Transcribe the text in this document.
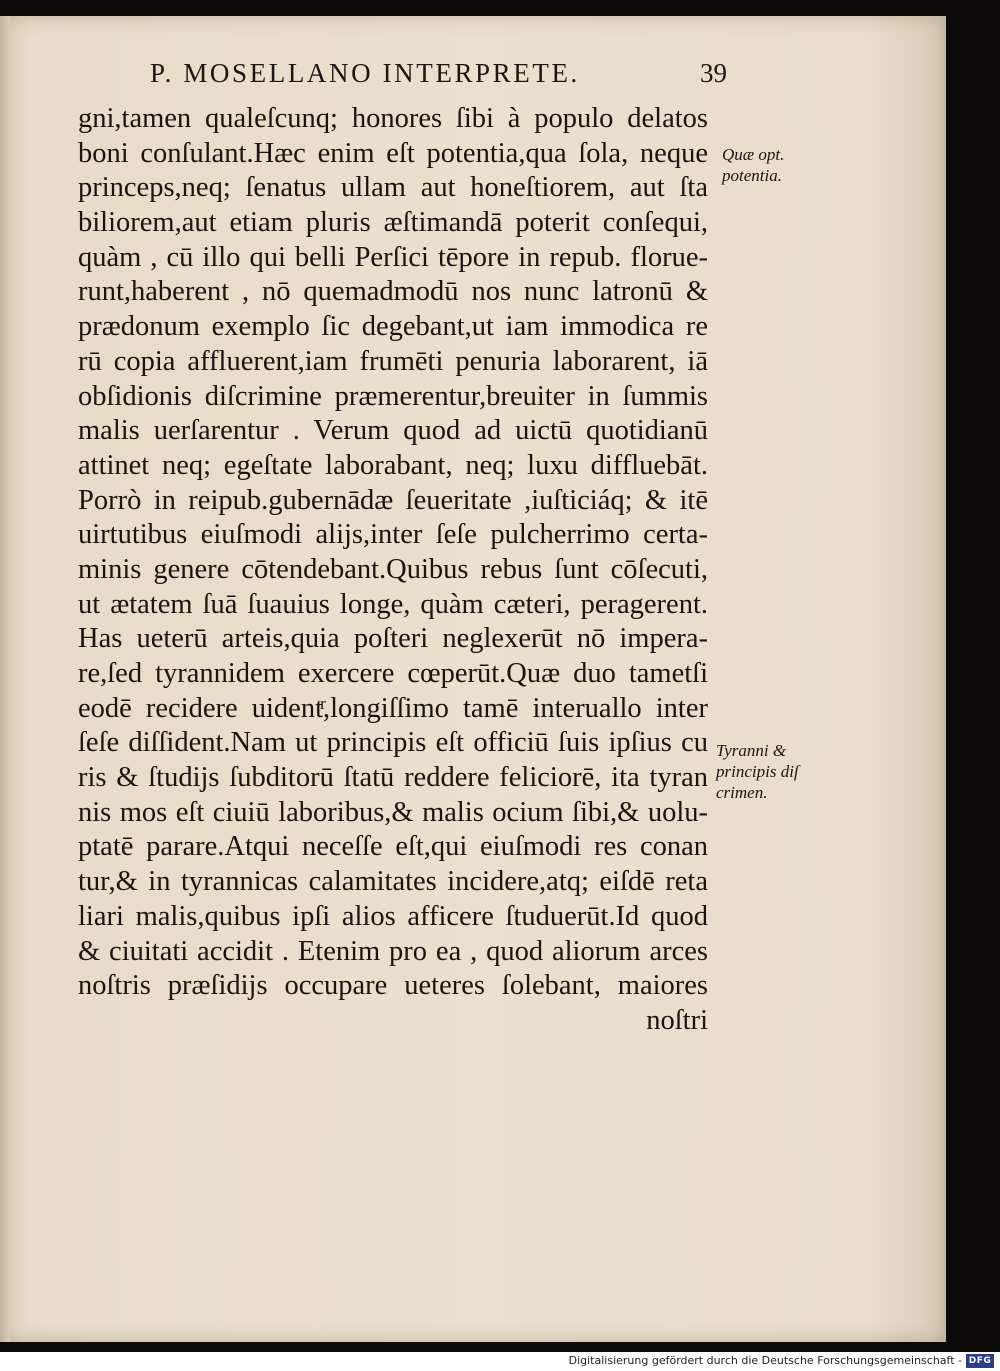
P. MOSELLANO INTERPRETE.	39
gni,tamen qualeſcunq; honores ſibi à populo delatos
boni conſulant.Hæc enim eſt potentia,qua ſola, neque
princeps,neq; ſenatus ullam aut honeſtiorem, aut ſta
biliorem,aut etiam pluris æſtimandā poterit conſequi,
quàm , cū illo qui belli Perſici tēpore in repub. florue-
runt,haberent , nō quemadmodū nos nunc latronū &
prædonum exemplo ſic degebant,ut iam immodica re
rū copia affluerent,iam frumēti penuria laborarent, iā
obſidionis diſcrimine præmerentur,breuiter in ſummis
malis uerſarentur . Verum quod ad uictū quotidianū
attinet neq; egeſtate laborabant, neq; luxu diffluebāt.
Porrò in reipub.gubernādæ ſeueritate ,iuſticiáq; & itē
uirtutibus eiuſmodi alijs,inter ſeſe pulcherrimo certa-
minis genere cōtendebant.Quibus rebus ſunt cōſecuti,
ut ætatem ſuā ſuauius longe, quàm cæteri, peragerent.
Has ueterū arteis,quia poſteri neglexerūt nō impera-
re,ſed tyrannidem exercere cœperūt.Quæ duo tametſi
eodē recidere uidentͬ,longiſſimo tamē interuallo inter
ſeſe diſſident.Nam ut principis eſt officiū ſuis ipſius cu
ris & ſtudijs ſubditorū ſtatū reddere feliciorē, ita tyran
nis mos eſt ciuiū laboribus,& malis ocium ſibi,& uolu-
ptatē parare.Atqui neceſſe eſt,qui eiuſmodi res conan
tur,& in tyrannicas calamitates incidere,atq; eiſdē reta
liari malis,quibus ipſi alios afficere ſtuduerūt.Id quod
& ciuitati accidit . Etenim pro ea , quod aliorum arces
noſtris præſidijs occupare ueteres ſolebant, maiores
noſtri
Quæ opt.
potentia.
Tyranni &
principis diſ
crimen.
Digitalisierung gefördert durch die Deutsche Forschungsgemeinschaft - DFG
